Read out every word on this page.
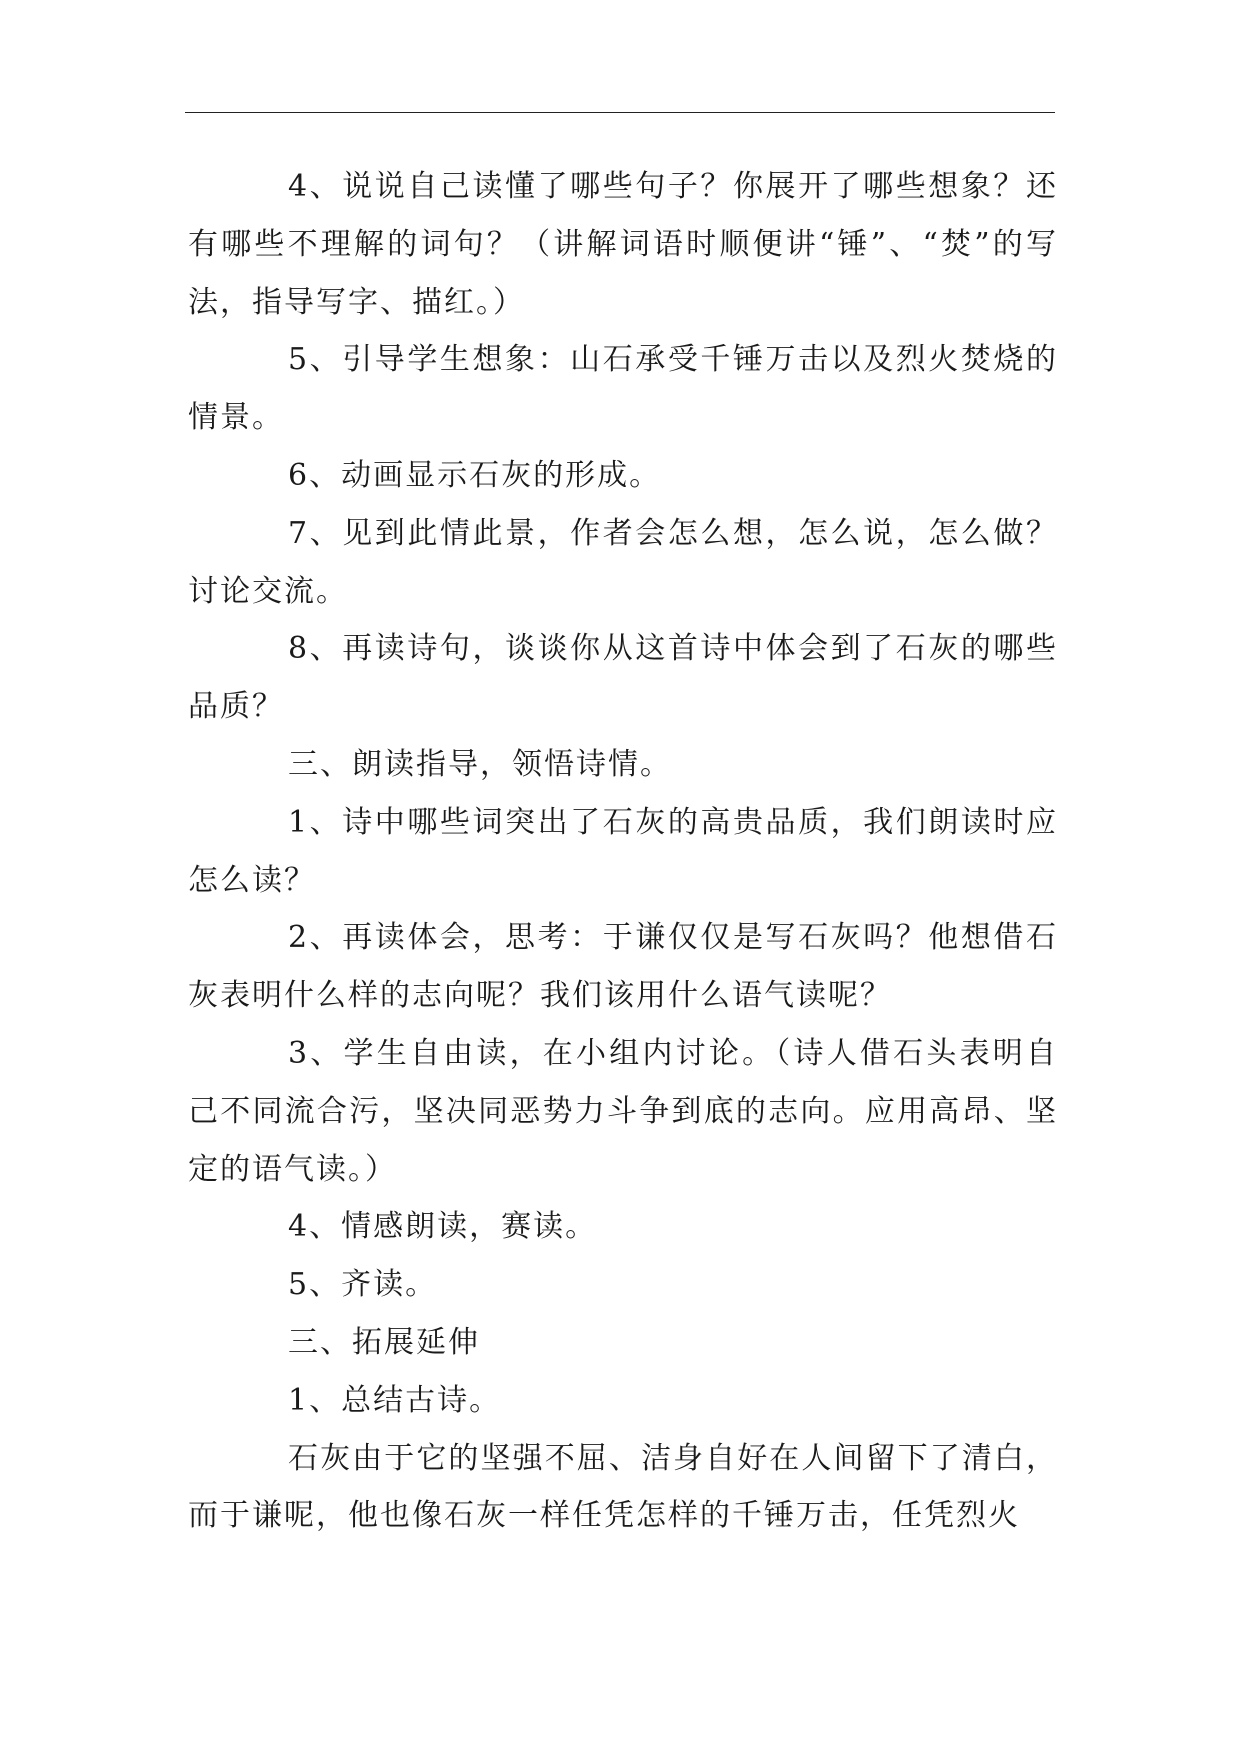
4、说说自己读懂了哪些句子？你展开了哪些想象？还有哪些不理解的词句？（讲解词语时顺便讲“锤”、“焚”的写法，指导写字、描红。）

5、引导学生想象：山石承受千锤万击以及烈火焚烧的情景。

6、动画显示石灰的形成。

7、见到此情此景，作者会怎么想，怎么说，怎么做？讨论交流。

8、再读诗句，谈谈你从这首诗中体会到了石灰的哪些品质？

三、朗读指导，领悟诗情。

1、诗中哪些词突出了石灰的高贵品质，我们朗读时应怎么读？

2、再读体会，思考：于谦仅仅是写石灰吗？他想借石灰表明什么样的志向呢？我们该用什么语气读呢？

3、学生自由读，在小组内讨论。（诗人借石头表明自己不同流合污，坚决同恶势力斗争到底的志向。应用高昂、坚定的语气读。）

4、情感朗读，赛读。

5、齐读。

三、拓展延伸

1、总结古诗。

石灰由于它的坚强不屈、洁身自好在人间留下了清白，而于谦呢，他也像石灰一样任凭怎样的千锤万击，任凭烈火
